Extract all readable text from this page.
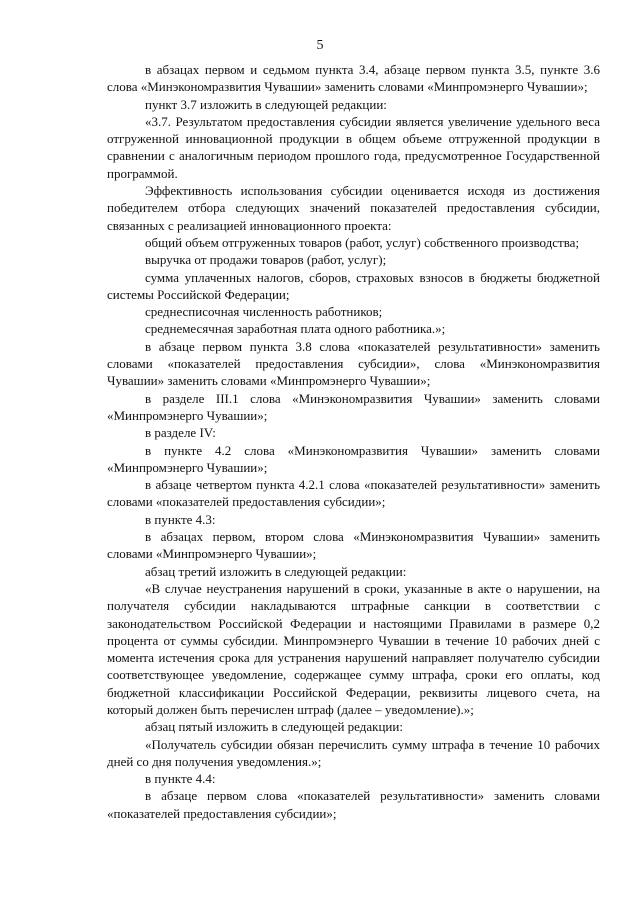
5

в абзацах первом и седьмом пункта 3.4, абзаце первом пункта 3.5, пункте 3.6 слова «Минэкономразвития Чувашии» заменить словами «Минпромэнерго Чувашии»;

пункт 3.7 изложить в следующей редакции:

«3.7. Результатом предоставления субсидии является увеличение удельного веса отгруженной инновационной продукции в общем объеме отгруженной продукции в сравнении с аналогичным периодом прошлого года, предусмотренное Государственной программой.

Эффективность использования субсидии оценивается исходя из достижения победителем отбора следующих значений показателей предоставления субсидии, связанных с реализацией инновационного проекта:

общий объем отгруженных товаров (работ, услуг) собственного производства;

выручка от продажи товаров (работ, услуг);

сумма уплаченных налогов, сборов, страховых взносов в бюджеты бюджетной системы Российской Федерации;

среднесписочная численность работников;

среднемесячная заработная плата одного работника.»;

в абзаце первом пункта 3.8 слова «показателей результативности» заменить словами «показателей предоставления субсидии», слова «Минэкономразвития Чувашии» заменить словами «Минпромэнерго Чувашии»;

в разделе III.1 слова «Минэкономразвития Чувашии» заменить словами «Минпромэнерго Чувашии»;

в разделе IV:

в пункте 4.2 слова «Минэкономразвития Чувашии» заменить словами «Минпромэнерго Чувашии»;

в абзаце четвертом пункта 4.2.1 слова «показателей результативности» заменить словами «показателей предоставления субсидии»;

в пункте 4.3:

в абзацах первом, втором слова «Минэкономразвития Чувашии» заменить словами «Минпромэнерго Чувашии»;

абзац третий изложить в следующей редакции:

«В случае неустранения нарушений в сроки, указанные в акте о нарушении, на получателя субсидии накладываются штрафные санкции в соответствии с законодательством Российской Федерации и настоящими Правилами в размере 0,2 процента от суммы субсидии. Минпромэнерго Чувашии в течение 10 рабочих дней с момента истечения срока для устранения нарушений направляет получателю субсидии соответствующее уведомление, содержащее сумму штрафа, сроки его оплаты, код бюджетной классификации Российской Федерации, реквизиты лицевого счета, на который должен быть перечислен штраф (далее – уведомление).»;

абзац пятый изложить в следующей редакции:

«Получатель субсидии обязан перечислить сумму штрафа в течение 10 рабочих дней со дня получения уведомления.»;

в пункте 4.4:

в абзаце первом слова «показателей результативности» заменить словами «показателей предоставления субсидии»;
